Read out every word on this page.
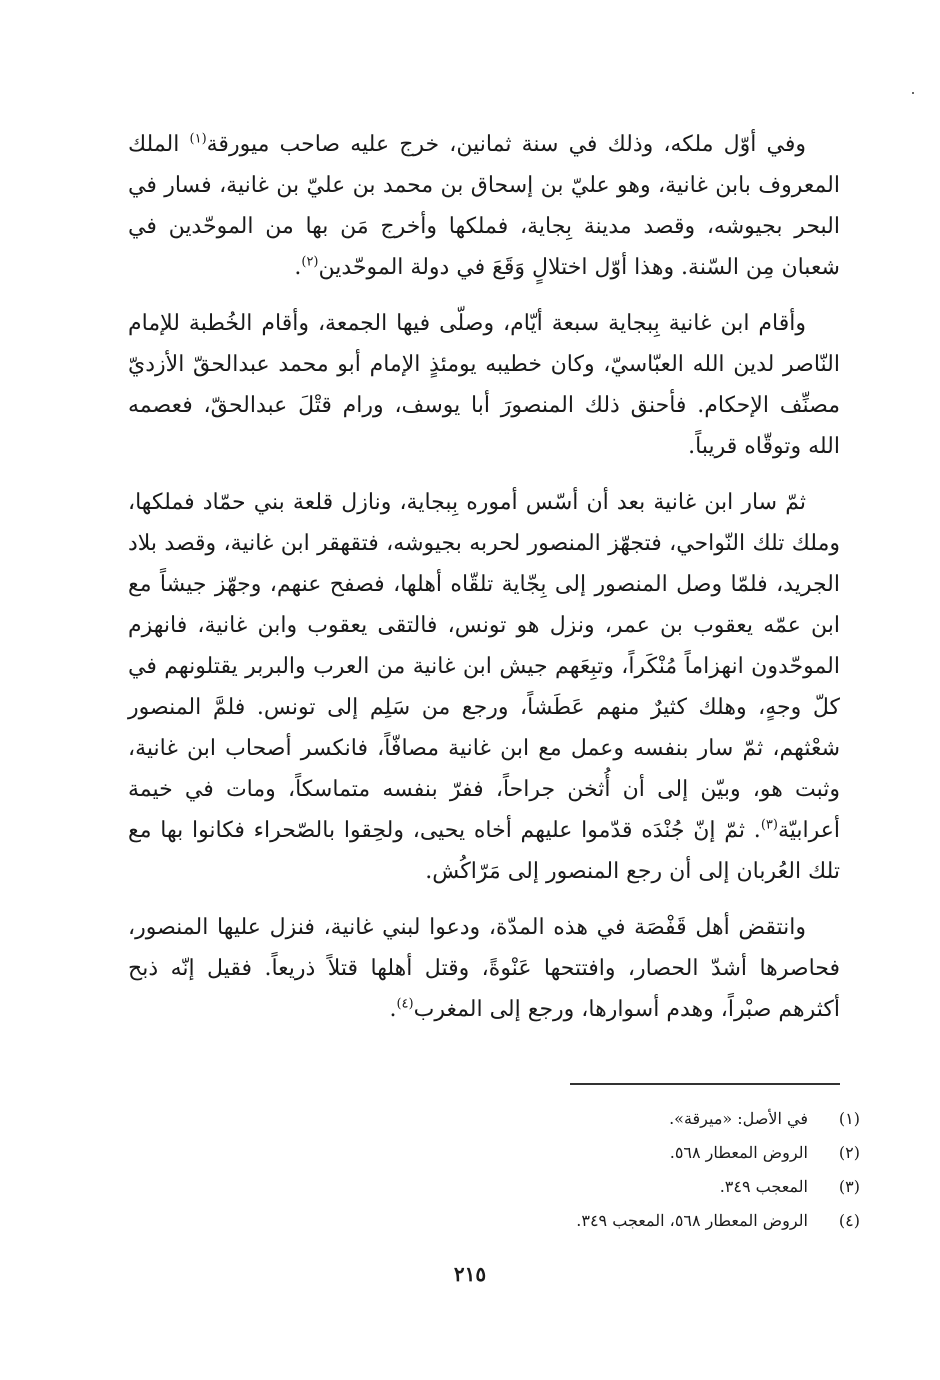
وفي أوّل ملكه، وذلك في سنة ثمانين، خرج عليه صاحب ميورقة$^{(١)}$ الملك المعروف بابن غانية، وهو عليّ بن إسحاق بن محمد بن عليّ بن غانية، فسار في البحر بجيوشه، وقصد مدينة بِجاية، فملكها وأخرج مَن بها من الموحّدين في شعبان مِن السّنة. وهذا أوّل اختلالٍ وَقَعَ في دولة الموحّدين$^{(٢)}$.

وأقام ابن غانية بِبجاية سبعة أيّام، وصلّى فيها الجمعة، وأقام الخُطبة للإمام النّاصر لدين الله العبّاسيّ، وكان خطيبه يومئذٍ الإمام أبو محمد عبدالحقّ الأزديّ مصنِّف الإحكام. فأحنق ذلك المنصورَ أبا يوسف، ورام قتْلَ عبدالحقّ، فعصمه الله وتوقّاه قريباً.

ثمّ سار ابن غانية بعد أن أسّس أموره بِبجاية، ونازل قلعة بني حمّاد فملكها، وملك تلك النّواحي، فتجهّز المنصور لحربه بجيوشه، فتقهقر ابن غانية، وقصد بلاد الجريد، فلمّا وصل المنصور إلى بِجّاية تلقّاه أهلها، فصفح عنهم، وجهّز جيشاً مع ابن عمّه يعقوب بن عمر، ونزل هو تونس، فالتقى يعقوب وابن غانية، فانهزم الموحّدون انهزاماً مُنْكَراً، وتبِعَهم جيش ابن غانية من العرب والبربر يقتلونهم في كلّ وجهٍ، وهلك كثيرٌ منهم عَطَشاً، ورجع من سَلِم إلى تونس. فلمَّ المنصور شعْثهم، ثمّ سار بنفسه وعمل مع ابن غانية مصافّاً، فانكسر أصحاب ابن غانية، وثبت هو، وبيّن إلى أن أُثخن جراحاً، ففرّ بنفسه متماسكاً، ومات في خيمة أعرابيّة$^{(٣)}$. ثمّ إنّ جُنْدَه قدّموا عليهم أخاه يحيى، ولحِقوا بالصّحراء فكانوا بها مع تلك العُربان إلى أن رجع المنصور إلى مَرّاكُش.

وانتقض أهل قَفْصَة في هذه المدّة، ودعوا لبني غانية، فنزل عليها المنصور، فحاصرها أشدّ الحصار، وافتتحها عَنْوةً، وقتل أهلها قتلاً ذريعاً. فقيل إنّه ذبح أكثرهم صبْراً، وهدم أسوارها، ورجع إلى المغرب$^{(٤)}$.

(١)
في الأصل: «ميرقة».
(٢)
الروض المعطار ٥٦٨.
(٣)
المعجب ٣٤٩.
(٤)
الروض المعطار ٥٦٨، المعجب ٣٤٩.
٢١٥
